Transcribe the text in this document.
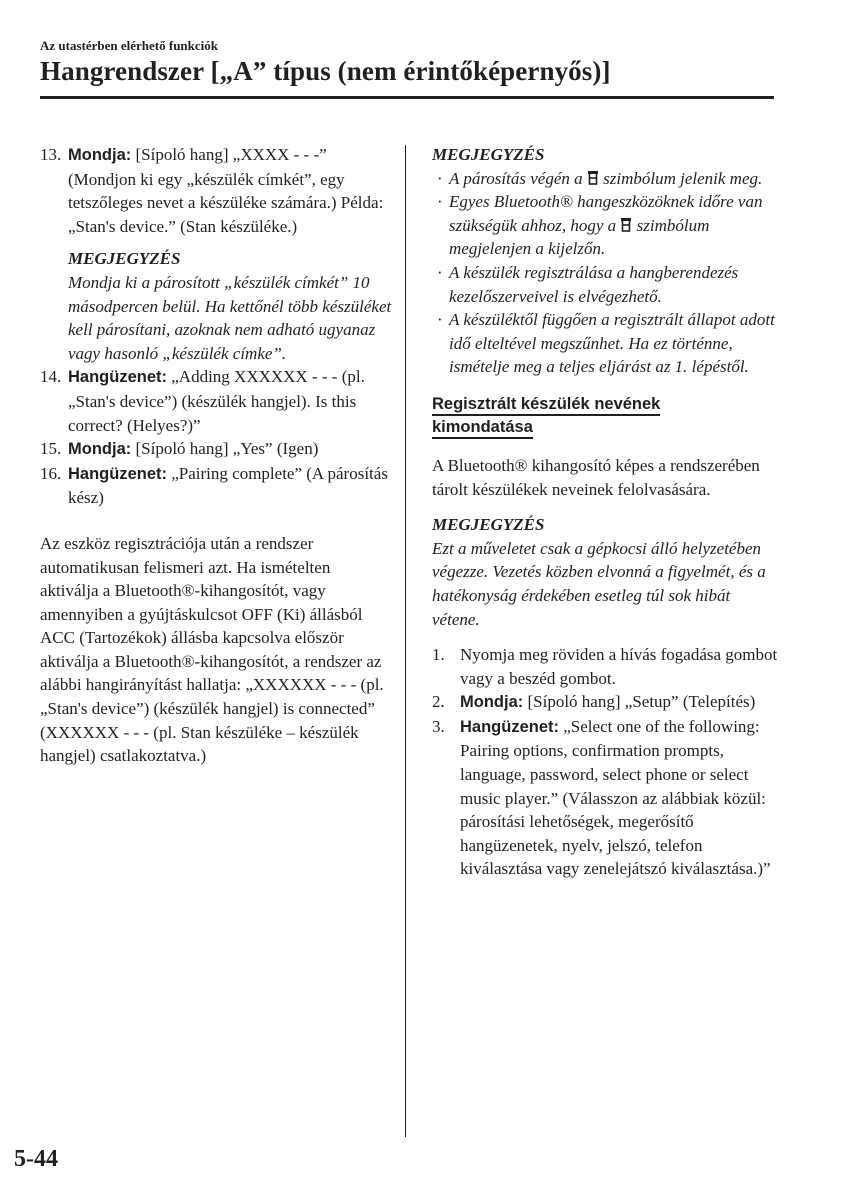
Az utastérben elérhető funkciók
Hangrendszer [„A” típus (nem érintőképernyős)]
13. Mondja: [Sípoló hang] „XXXX - - -” (Mondjon ki egy „készülék címkét”, egy tetszőleges nevet a készüléke számára.) Példa: „Stan's device.” (Stan készüléke.)
MEGJEGYZÉS
Mondja ki a párosított „készülék címkét” 10 másodpercen belül. Ha kettőnél több készüléket kell párosítani, azoknak nem adható ugyanaz vagy hasonló „készülék címke”.
14. Hangüzenet: „Adding XXXXXX - - - (pl. „Stan's device”) (készülék hangjel). Is this correct? (Helyes?)”
15. Mondja: [Sípoló hang] „Yes” (Igen)
16. Hangüzenet: „Pairing complete” (A párosítás kész)
Az eszköz regisztrációja után a rendszer automatikusan felismeri azt. Ha ismételten aktiválja a Bluetooth®-kihangosítót, vagy amennyiben a gyújtáskulcsot OFF (Ki) állásból ACC (Tartozékok) állásba kapcsolva először aktiválja a Bluetooth®-kihangosítót, a rendszer az alábbi hangirányítást hallatja: „XXXXXX - - - (pl. „Stan's device”) (készülék hangjel) is connected” (XXXXXX - - - (pl. Stan készüléke – készülék hangjel) csatlakoztatva.)
MEGJEGYZÉS
· A párosítás végén a  szimbólum jelenik meg.
· Egyes Bluetooth® hangeszközöknek időre van szükségük ahhoz, hogy a  szimbólum megjelenjen a kijelzőn.
· A készülék regisztrálása a hangberendezés kezelőszerveivel is elvégezhető.
· A készüléktől függően a regisztrált állapot adott idő elteltével megszűnhet. Ha ez történne, ismételje meg a teljes eljárást az 1. lépéstől.
Regisztrált készülék nevének
kimondatása
A Bluetooth® kihangosító képes a rendszerében tárolt készülékek neveinek felolvasására.
MEGJEGYZÉS
Ezt a műveletet csak a gépkocsi álló helyzetében végezze. Vezetés közben elvonná a figyelmét, és a hatékonyság érdekében esetleg túl sok hibát vétene.
1. Nyomja meg röviden a hívás fogadása gombot vagy a beszéd gombot.
2. Mondja: [Sípoló hang] „Setup” (Telepítés)
3. Hangüzenet: „Select one of the following: Pairing options, confirmation prompts, language, password, select phone or select music player.” (Válasszon az alábbiak közül: párosítási lehetőségek, megerősítő hangüzenetek, nyelv, jelszó, telefon kiválasztása vagy zenelejátszó kiválasztása.)”
5-44
